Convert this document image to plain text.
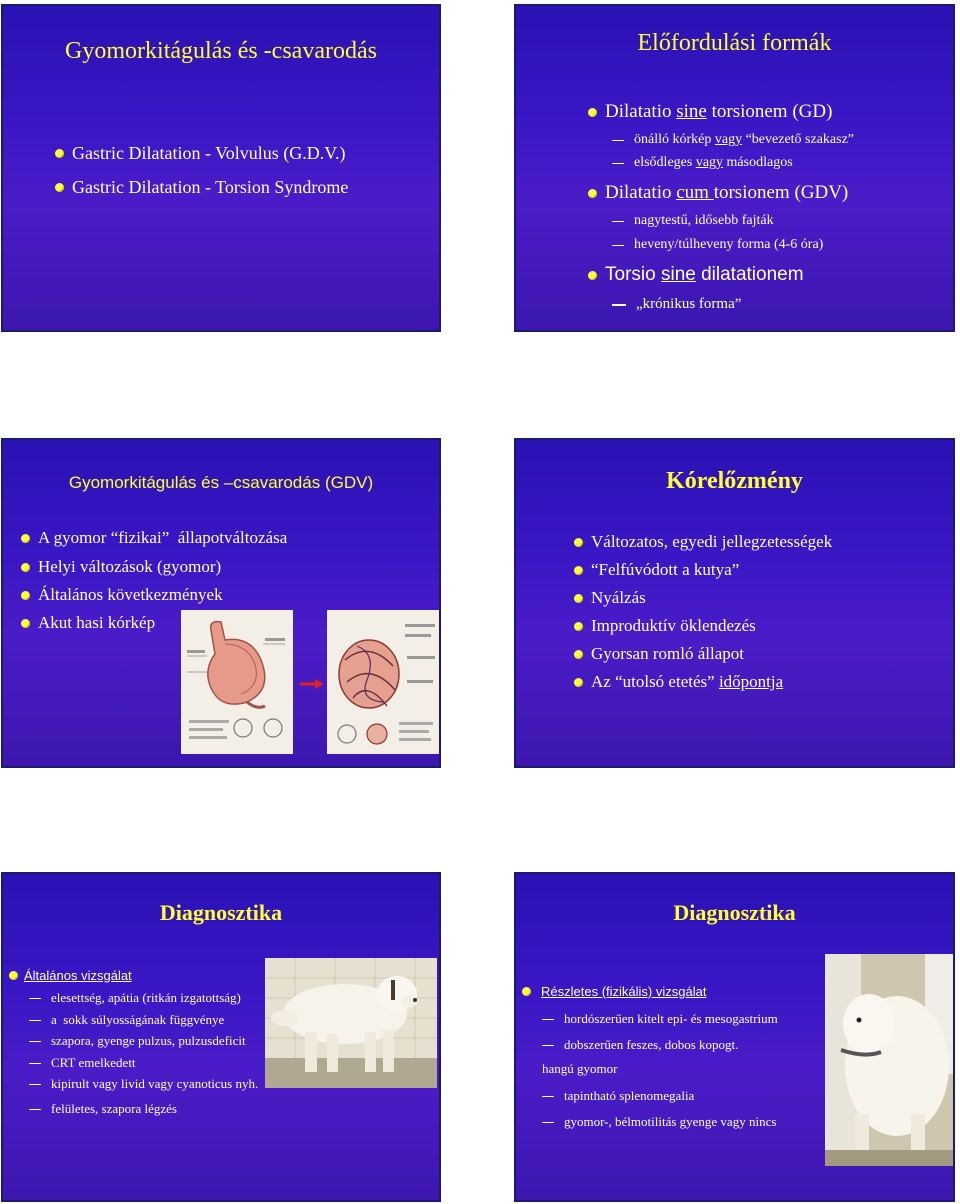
Gyomorkitágulás és -csavarodás
Gastric Dilatation - Volvulus (G.D.V.)
Gastric Dilatation - Torsion Syndrome
Előfordulási formák
Dilatatio sine torsionem (GD)
önálló kórkép vagy “bevezető szakasz”
elsődleges vagy másodlagos
Dilatatio cum torsionem (GDV)
nagytestű, idősebb fajták
heveny/túlheveny forma (4-6 óra)
Torsio sine dilatationem
„krónikus forma”
Gyomorkitágulás és –csavarodás (GDV)
A gyomor “fizikai”  állapotváltozása
Helyi változások (gyomor)
Általános következmények
Akut hasi kórkép
Kórelőzmény
Változatos, egyedi jellegzetességek
“Felfúvódott a kutya”
Nyálzás
Improduktív öklendezés
Gyorsan romló állapot
Az “utolsó etetés” időpontja
Diagnosztika
Általános vizsgálat
elesettség, apátia (ritkán izgatottság)
a  sokk súlyosságának függvénye
szapora, gyenge pulzus, pulzusdeficit
CRT emelkedett
kipirult vagy livid vagy cyanoticus nyh.
felületes, szapora légzés
Diagnosztika
Részletes (fizikális) vizsgálat
hordószerűen kitelt epi- és mesogastrium
dobszerűen feszes, dobos kopogt.
hangú gyomor
tapintható splenomegalia
gyomor-, bélmotilitás gyenge vagy nincs
